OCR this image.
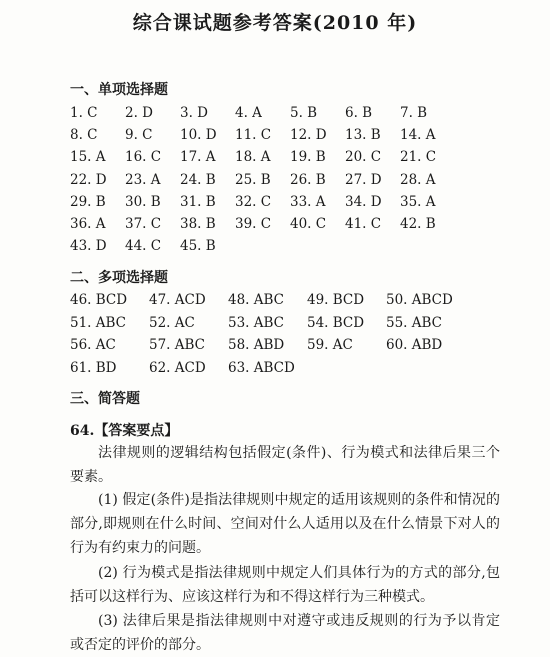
综合课试题参考答案(2010 年)
一、单项选择题
1. C 2. D 3. D 4. A 5. B 6. B 7. B
8. C 9. C 10. D 11. C 12. D 13. B 14. A
15. A 16. C 17. A 18. A 19. B 20. C 21. C
22. D 23. A 24. B 25. B 26. B 27. D 28. A
29. B 30. B 31. B 32. C 33. A 34. D 35. A
36. A 37. C 38. B 39. C 40. C 41. C 42. B
43. D 44. C 45. B
二、多项选择题
46. BCD 47. ACD 48. ABC 49. BCD 50. ABCD
51. ABC 52. AC 53. ABC 54. BCD 55. ABC
56. AC 57. ABC 58. ABD 59. AC 60. ABD
61. BD 62. ACD 63. ABCD
三、简答题
64.【答案要点】
法律规则的逻辑结构包括假定(条件)、行为模式和法律后果三个要素。
(1) 假定(条件)是指法律规则中规定的适用该规则的条件和情况的部分,即规则在什么时间、空间对什么人适用以及在什么情景下对人的行为有约束力的问题。
(2) 行为模式是指法律规则中规定人们具体行为的方式的部分,包括可以这样行为、应该这样行为和不得这样行为三种模式。
(3) 法律后果是指法律规则中对遵守或违反规则的行为予以肯定或否定的评价的部分。
